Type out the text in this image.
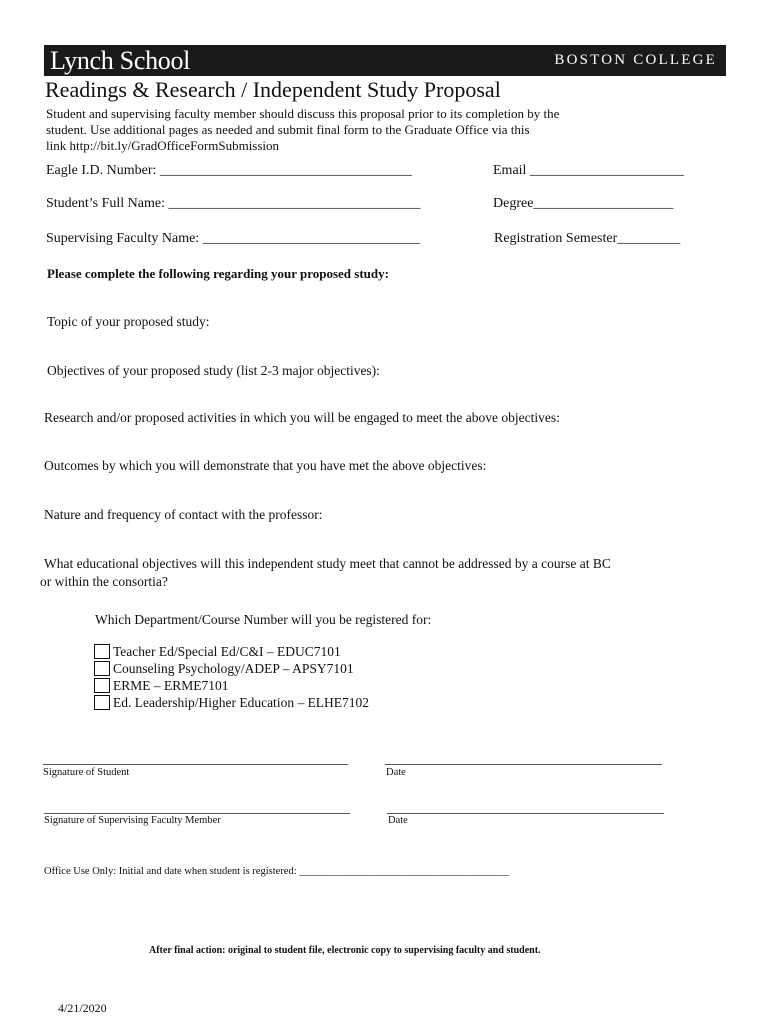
Lynch School	BOSTON COLLEGE
Readings & Research / Independent Study Proposal
Student and supervising faculty member should discuss this proposal prior to its completion by the
student. Use additional pages as needed and submit final form to the Graduate Office via this
link http://bit.ly/GradOfficeFormSubmission
Eagle I.D. Number: ____________________________________	Email ______________________
Student’s Full Name: ____________________________________	Degree____________________
Supervising Faculty Name: _______________________________	Registration Semester_________
Please complete the following regarding your proposed study:
Topic of your proposed study:
Objectives of your proposed study (list 2-3 major objectives):
Research and/or proposed activities in which you will be engaged to meet the above objectives:
Outcomes by which you will demonstrate that you have met the above objectives:
Nature and frequency of contact with the professor:
What educational objectives will this independent study meet that cannot be addressed by a course at BC
or within the consortia?
Which Department/Course Number will you be registered for:
Teacher Ed/Special Ed/C&I – EDUC7101
Counseling Psychology/ADEP – APSY7101
ERME – ERME7101
Ed. Leadership/Higher Education – ELHE7102
Signature of Student	Date
Signature of Supervising Faculty Member	Date
Office Use Only: Initial and date when student is registered: ________________________________________
After final action: original to student file, electronic copy to supervising faculty and student.
4/21/2020
